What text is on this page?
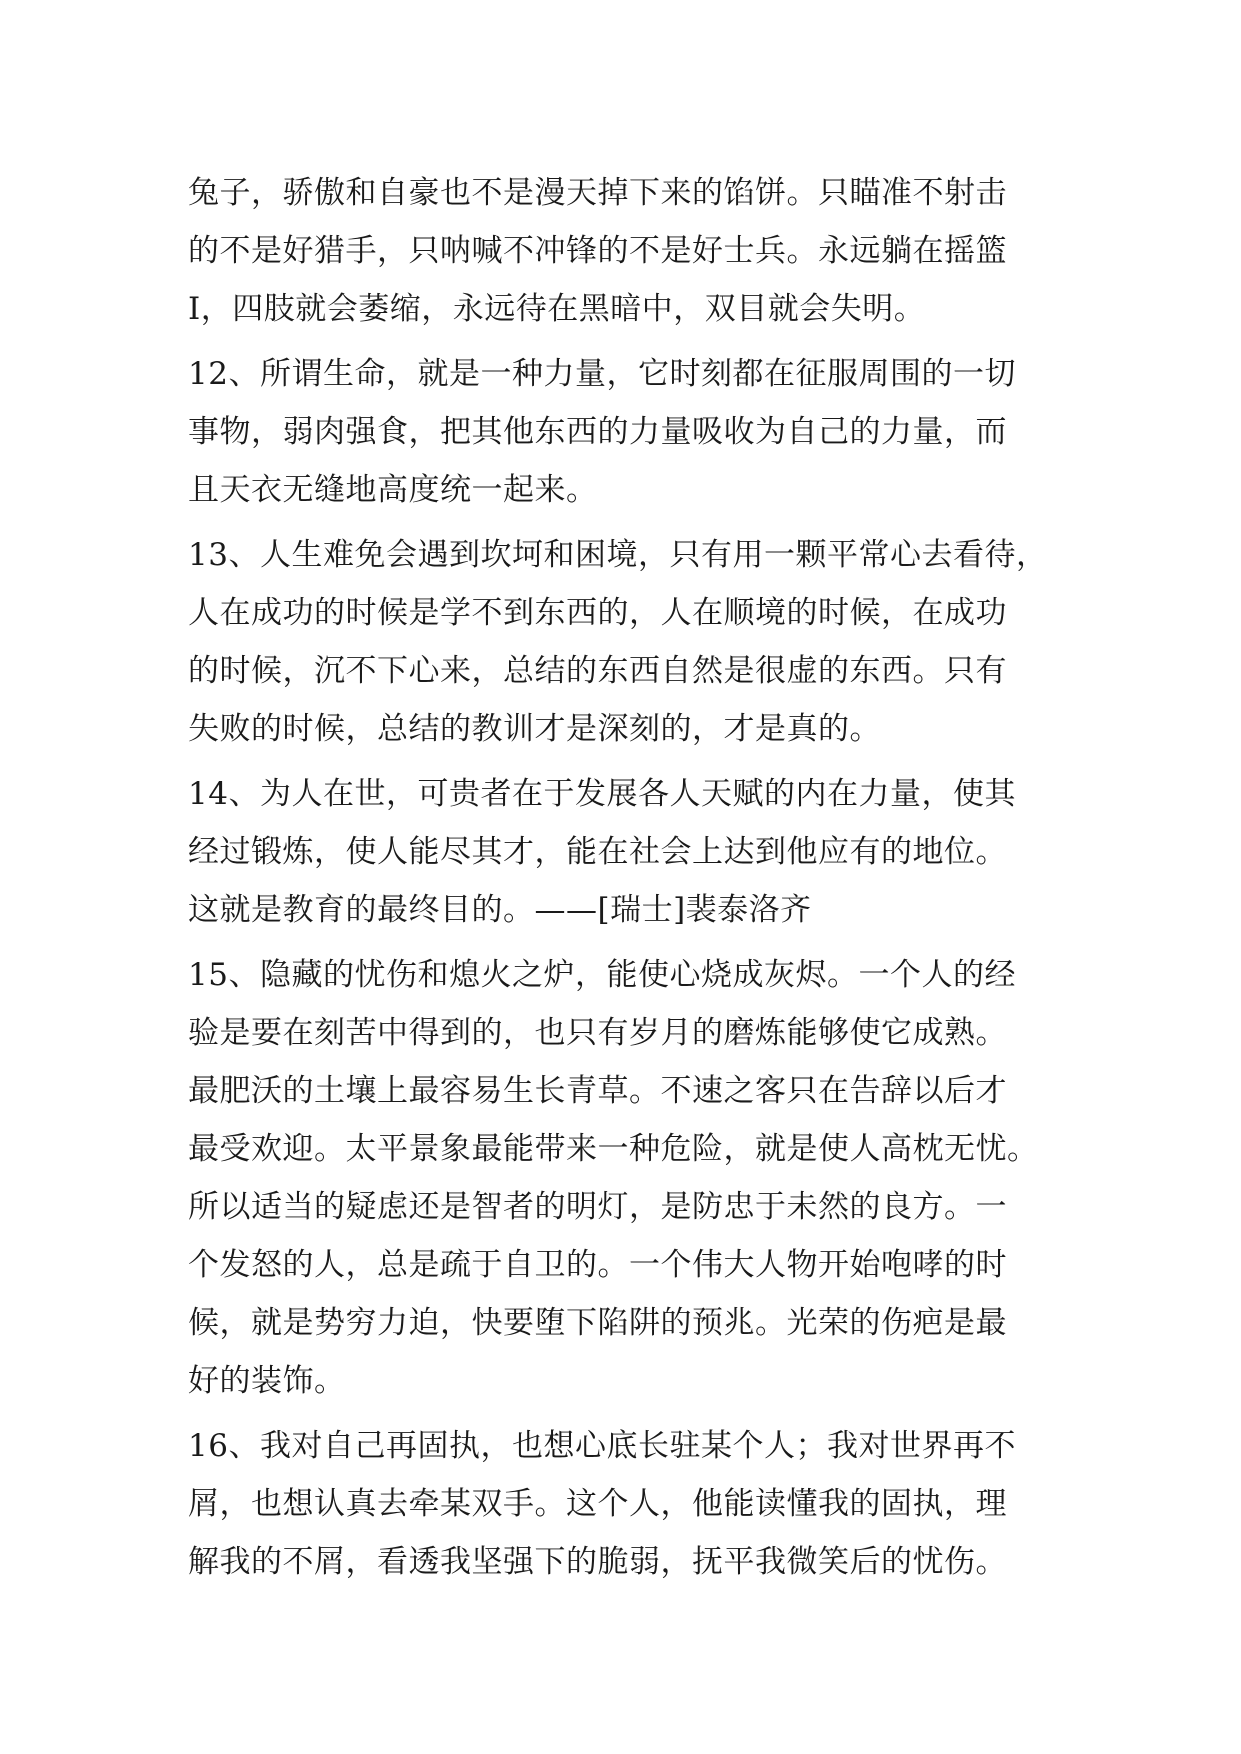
兔子，骄傲和自豪也不是漫天掉下来的馅饼。只瞄准不射击
的不是好猎手，只呐喊不冲锋的不是好士兵。永远躺在摇篮
I，四肢就会萎缩，永远待在黑暗中，双目就会失明。
12、所谓生命，就是一种力量，它时刻都在征服周围的一切
事物，弱肉强食，把其他东西的力量吸收为自己的力量，而
且天衣无缝地高度统一起来。
13、人生难免会遇到坎坷和困境，只有用一颗平常心去看待，
人在成功的时候是学不到东西的，人在顺境的时候，在成功
的时候，沉不下心来，总结的东西自然是很虚的东西。只有
失败的时候，总结的教训才是深刻的，才是真的。
14、为人在世，可贵者在于发展各人天赋的内在力量，使其
经过锻炼，使人能尽其才，能在社会上达到他应有的地位。
这就是教育的最终目的。——[瑞士]裴泰洛齐
15、隐藏的忧伤和熄火之炉，能使心烧成灰烬。一个人的经
验是要在刻苦中得到的，也只有岁月的磨炼能够使它成熟。
最肥沃的土壤上最容易生长青草。不速之客只在告辞以后才
最受欢迎。太平景象最能带来一种危险，就是使人高枕无忧。
所以适当的疑虑还是智者的明灯，是防忠于未然的良方。一
个发怒的人，总是疏于自卫的。一个伟大人物开始咆哮的时
候，就是势穷力迫，快要堕下陷阱的预兆。光荣的伤疤是最
好的装饰。
16、我对自己再固执，也想心底长驻某个人；我对世界再不
屑，也想认真去牵某双手。这个人，他能读懂我的固执，理
解我的不屑，看透我坚强下的脆弱，抚平我微笑后的忧伤。
